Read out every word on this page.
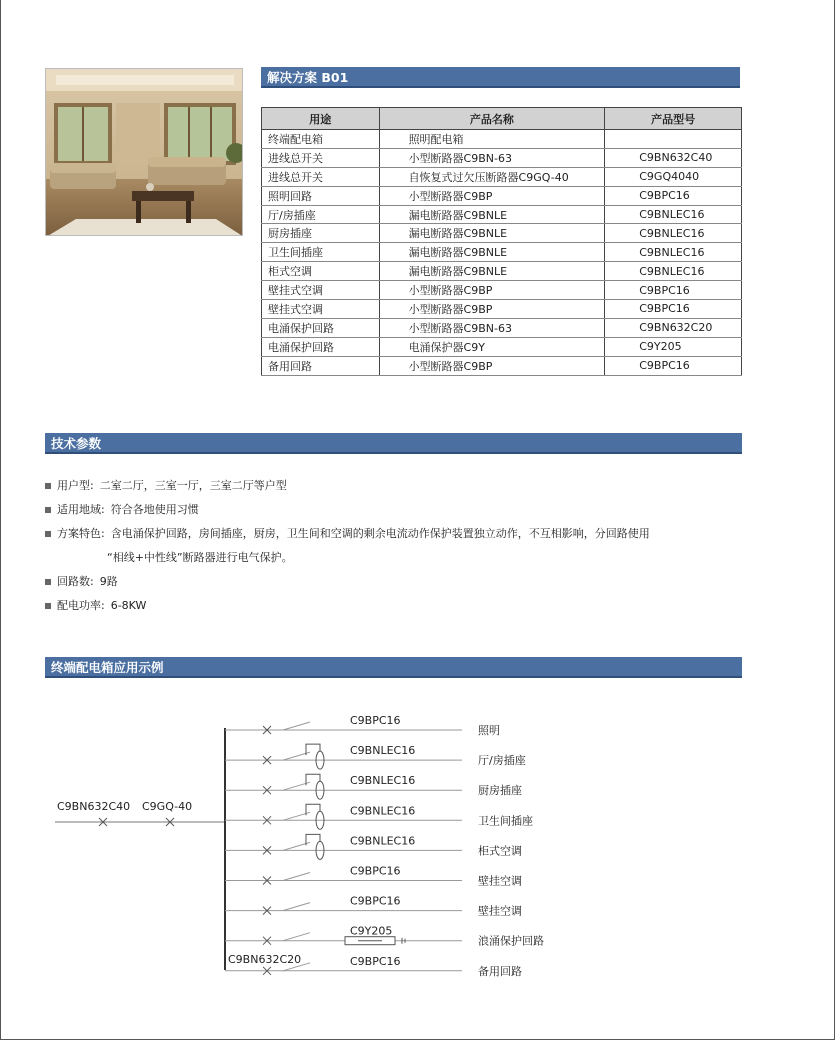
解决方案 B01
用途	产品名称	产品型号
终端配电箱	照明配电箱	
进线总开关	小型断路器C9BN-63	C9BN632C40
进线总开关	自恢复式过欠压断路器C9GQ-40	C9GQ4040
照明回路	小型断路器C9BP	C9BPC16
厅/房插座	漏电断路器C9BNLE	C9BNLEC16
厨房插座	漏电断路器C9BNLE	C9BNLEC16
卫生间插座	漏电断路器C9BNLE	C9BNLEC16
柜式空调	漏电断路器C9BNLE	C9BNLEC16
壁挂式空调	小型断路器C9BP	C9BPC16
壁挂式空调	小型断路器C9BP	C9BPC16
电涌保护回路	小型断路器C9BN-63	C9BN632C20
电涌保护回路	电涌保护器C9Y	C9Y205
备用回路	小型断路器C9BP	C9BPC16
技术参数
用户型: 二室二厅，三室一厅，三室二厅等户型
适用地域: 符合各地使用习惯
方案特色: 含电涌保护回路，房间插座，厨房，卫生间和空调的剩余电流动作保护装置独立动作，不互相影响，分回路使用
“相线+中性线”断路器进行电气保护。
回路数: 9路
配电功率: 6-8KW
终端配电箱应用示例
C9BN632C40 C9GQ-40
C9BN632C20
C9BPC16
照明
C9BNLEC16
厅/房插座
C9BNLEC16
厨房插座
C9BNLEC16
卫生间插座
C9BNLEC16
柜式空调
C9BPC16
壁挂空调
C9BPC16
壁挂空调
C9Y205
浪涌保护回路
C9BPC16
备用回路
